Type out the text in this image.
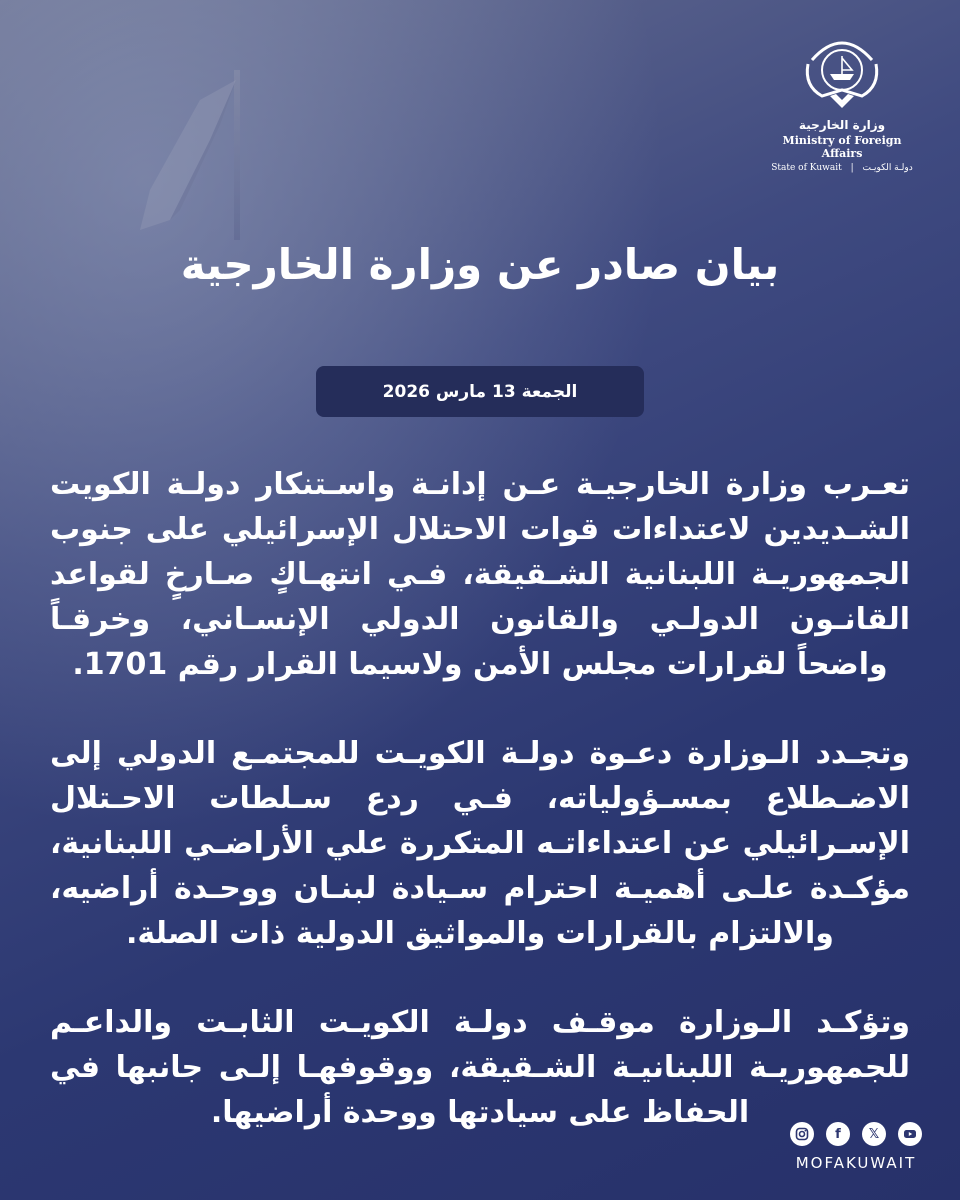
وزارة الخارجية
Ministry of Foreign Affairs
State of Kuwait | دولـة الكويـت
بيان صادر عن وزارة الخارجية
الجمعة 13 مارس 2026

تعـرب وزارة الخارجيـة عـن إدانـة واسـتنكار دولـة الكويت الشـديدين لاعتداءات قوات الاحتلال الإسرائيلي على جنوب الجمهوريـة اللبنانية الشـقيقة، فـي انتهـاكٍ صـارخٍ لقواعد القانـون الدولـي والقانون الدولي الإنسـاني، وخرقـاً واضحاً لقرارات مجلس الأمن ولاسيما القرار رقم 1701.

وتجـدد الـوزارة دعـوة دولـة الكويـت للمجتمـع الدولي إلى الاضـطلاع بمسـؤولياته، فـي ردع سـلطات الاحـتلال الإسـرائيلي عن اعتداءاتـه المتكررة علي الأراضـي اللبنانية، مؤكـدة علـى أهميـة احترام سـيادة لبنـان ووحـدة أراضيه، والالتزام بالقرارات والمواثيق الدولية ذات الصلة.

وتؤكـد الـوزارة موقـف دولـة الكويـت الثابـت والداعـم للجمهوريـة اللبنانيـة الشـقيقة، ووقوفهـا إلـى جانبها في الحفاظ على سيادتها ووحدة أراضيها.

f	𝕏
MOFAKUWAIT
